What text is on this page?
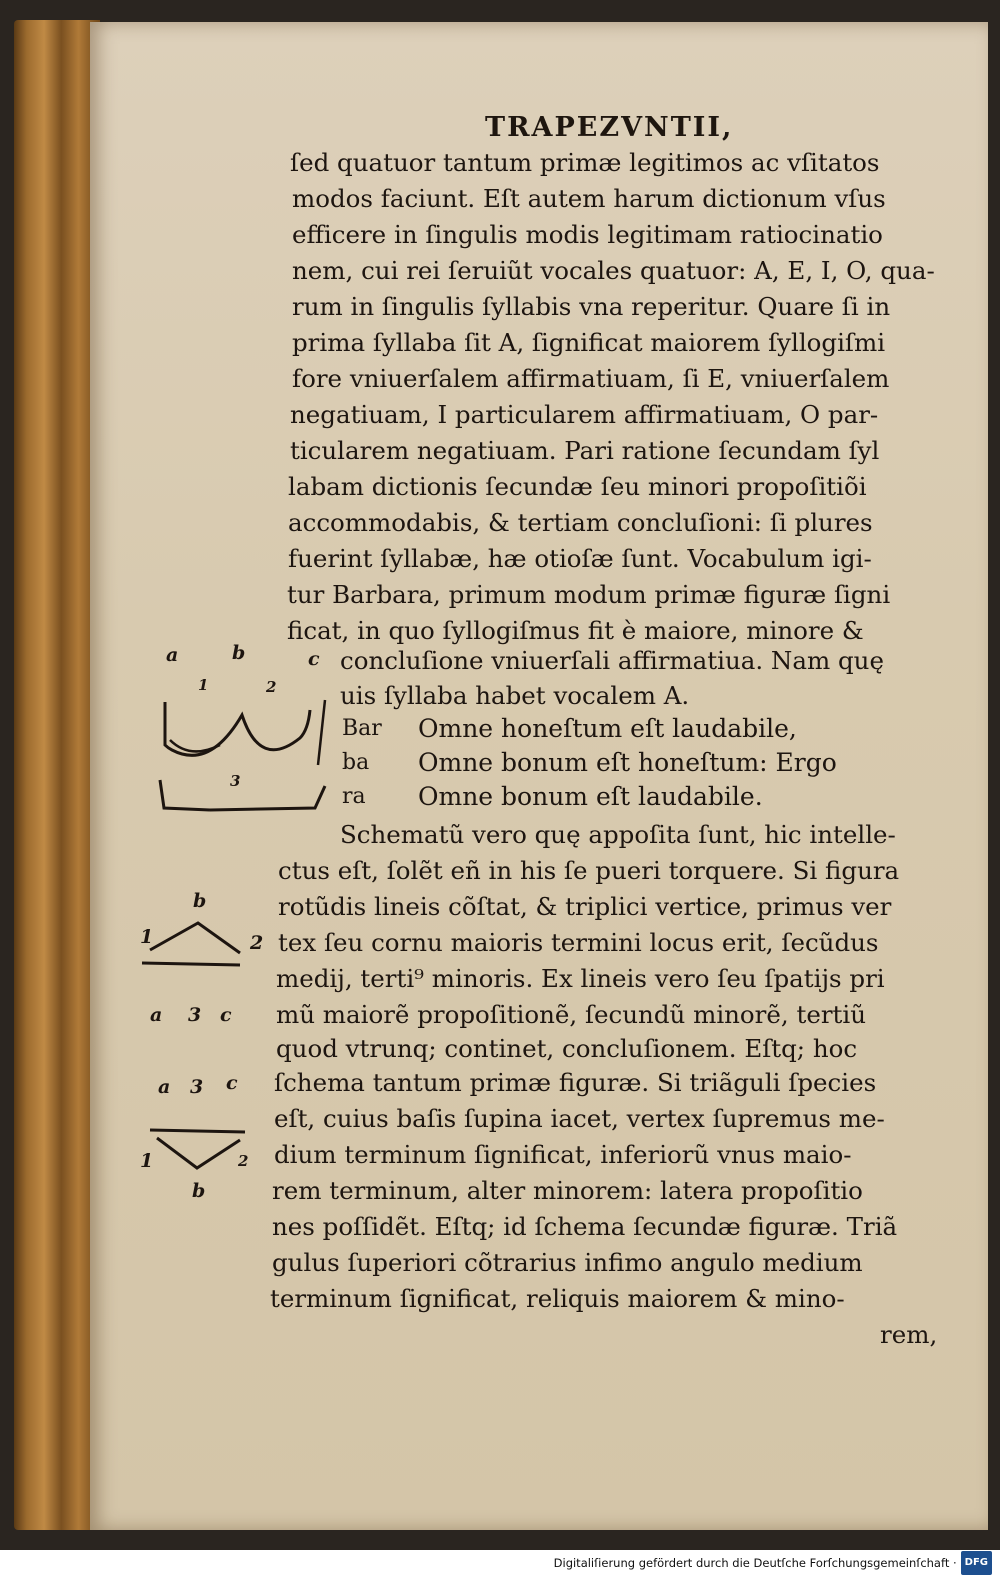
TRAPEZVNTII,
ſed quatuor tantum primæ legitimos ac vſitatos
modos faciunt. Eſt autem harum dictionum vſus
efficere in ſingulis modis legitimam ratiocinatio
nem, cui rei ſeruiũt vocales quatuor: A, E, I, O, qua-
rum in ſingulis ſyllabis vna reperitur. Quare ſi in
prima ſyllaba ſit A, ſignificat maiorem ſyllogiſmi
fore vniuerſalem affirmatiuam, ſi E, vniuerſalem
negatiuam, I particularem affirmatiuam, O par-
ticularem negatiuam. Pari ratione ſecundam ſyl
labam dictionis ſecundæ ſeu minori propoſitiõi
accommodabis, & tertiam concluſioni: ſi plures
fuerint ſyllabæ, hæ otioſæ ſunt. Vocabulum igi-
tur Barbara, primum modum primæ figuræ ſigni
ficat, in quo ſyllogiſmus fit è maiore, minore &
concluſione vniuerſali affirmatiua. Nam quę
uis ſyllaba habet vocalem A.
Bar Omne honeſtum eſt laudabile,
ba Omne bonum eſt honeſtum: Ergo
ra Omne bonum eſt laudabile.
Schematũ vero quę appoſita ſunt, hic intelle-
ctus eſt, ſolẽt eñ in his ſe pueri torquere. Si figura
rotũdis lineis cõſtat, & triplici vertice, primus ver
tex ſeu cornu maioris termini locus erit, ſecũdus
medij, terti⁹ minoris. Ex lineis vero ſeu ſpatijs pri
mũ maiorẽ propoſitionẽ, ſecundũ minorẽ, tertiũ
quod vtrunq; continet, concluſionem. Eſtq; hoc
ſchema tantum primæ figuræ. Si triãguli ſpecies
eſt, cuius baſis ſupina iacet, vertex ſupremus me-
dium terminum ſignificat, inferiorũ vnus maio-
rem terminum, alter minorem: latera propoſitio
nes poſſidẽt. Eſtq; id ſchema ſecundæ figuræ. Triã
gulus ſuperiori cõtrarius infimo angulo medium
terminum ſignificat, reliquis maiorem & mino-
rem,
a	b	c
1	2
3
b
1	2
a 3 c
a 3 c
1	2
b
Digitaliſierung gefördert durch die Deutſche Forſchungsgemeinſchaft · DFG
